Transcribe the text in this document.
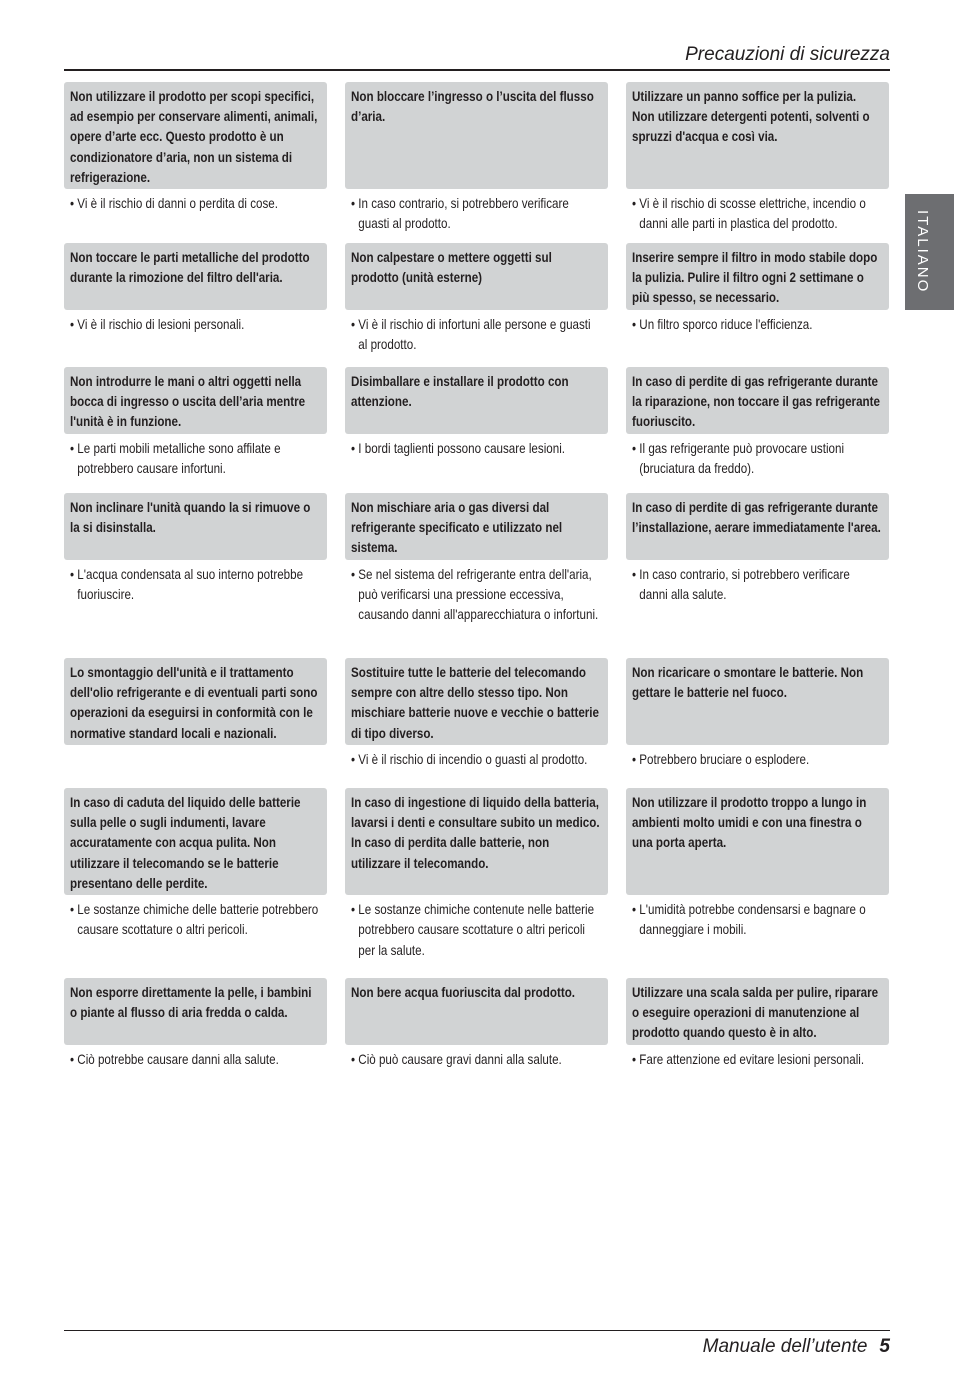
Precauzioni di sicurezza
ITALIANO
Non utilizzare il prodotto per scopi specifici, ad esempio per conservare alimenti, animali, opere d’arte ecc. Questo prodotto è un condizionatore d’aria, non un sistema di refrigerazione.
Non bloccare l’ingresso o l’uscita del flusso d’aria.
Utilizzare un panno soffice per la pulizia. Non utilizzare detergenti potenti, solventi o spruzzi d'acqua e così via.

• Vi è il rischio di danni o perdita di cose.	• In caso contrario, si potrebbero verificare guasti al prodotto.

• Vi è il rischio di scosse elettriche, incendio o danni alle parti in plastica del prodotto.

Non toccare le parti metalliche del prodotto durante la rimozione del filtro dell'aria.
Non calpestare o mettere oggetti sul prodotto (unità esterne)
Inserire sempre il filtro in modo stabile dopo la pulizia. Pulire il filtro ogni 2 settimane o più spesso, se necessario.

• Vi è il rischio di lesioni personali.	• Vi è il rischio di infortuni alle persone e guasti al prodotto.

• Un filtro sporco riduce l'efficienza.

Non introdurre le mani o altri oggetti nella bocca di ingresso o uscita dell’aria mentre l'unità è in funzione.
Disimballare e installare il prodotto con attenzione.
In caso di perdite di gas refrigerante durante la riparazione, non toccare il gas refrigerante fuoriuscito.

• Le parti mobili metalliche sono affilate e potrebbero causare infortuni.

• I bordi taglienti possono causare lesioni.	• Il gas refrigerante può provocare ustioni (bruciatura da freddo).

Non inclinare l'unità quando la si rimuove o la si disinstalla.
Non mischiare aria o gas diversi dal refrigerante specificato e utilizzato nel sistema.
In caso di perdite di gas refrigerante durante l’installazione, aerare immediatamente l'area.

• L'acqua condensata al suo interno potrebbe fuoriuscire.

• Se nel sistema del refrigerante entra dell'aria, può verificarsi una pressione eccessiva, causando danni all'apparecchiatura o infortuni.

• In caso contrario, si potrebbero verificare danni alla salute.

Lo smontaggio dell'unità e il trattamento dell'olio refrigerante e di eventuali parti sono operazioni da eseguirsi in conformità con le normative standard locali e nazionali.
Sostituire tutte le batterie del telecomando sempre con altre dello stesso tipo. Non mischiare batterie nuove e vecchie o batterie di tipo diverso.
Non ricaricare o smontare le batterie. Non gettare le batterie nel fuoco.

• Vi è il rischio di incendio o guasti al prodotto.	• Potrebbero bruciare o esplodere.

In caso di caduta del liquido delle batterie sulla pelle o sugli indumenti, lavare accuratamente con acqua pulita. Non utilizzare il telecomando se le batterie presentano delle perdite.
In caso di ingestione di liquido della batteria, lavarsi i denti e consultare subito un medico. In caso di perdita dalle batterie, non utilizzare il telecomando.
Non utilizzare il prodotto troppo a lungo in ambienti molto umidi e con una finestra o una porta aperta.

• Le sostanze chimiche delle batterie potrebbero causare scottature o altri pericoli.

• Le sostanze chimiche contenute nelle batterie potrebbero causare scottature o altri pericoli per la salute.

• L'umidità potrebbe condensarsi e bagnare o danneggiare i mobili.

Non esporre direttamente la pelle, i bambini o piante al flusso di aria fredda o calda.
Non bere acqua fuoriuscita dal prodotto.	Utilizzare una scala salda per pulire, riparare o eseguire operazioni di manutenzione al prodotto quando questo è in alto.

• Ciò potrebbe causare danni alla salute.	• Ciò può causare gravi danni alla salute.	• Fare attenzione ed evitare lesioni personali.

Manuale dell’utente 5
